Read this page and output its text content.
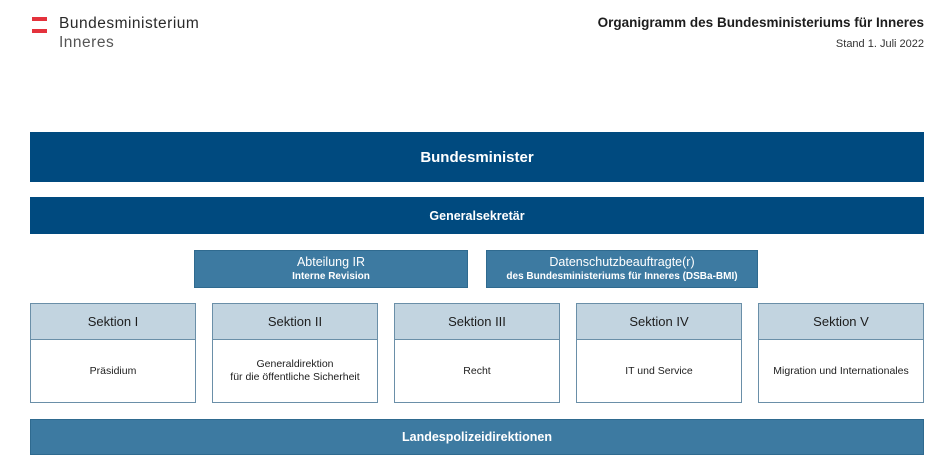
Bundesministerium
Inneres
Organigramm des Bundesministeriums für Inneres
Stand 1. Juli 2022
Bundesminister
Generalsekretär
Abteilung IR
Interne Revision
Datenschutzbeauftragte(r)
des Bundesministeriums für Inneres (DSBa-BMI)
Sektion I
Präsidium
Sektion II
Generaldirektion
für die öffentliche Sicherheit
Sektion III
Recht
Sektion IV
IT und Service
Sektion V
Migration und Internationales
Landespolizeidirektionen
